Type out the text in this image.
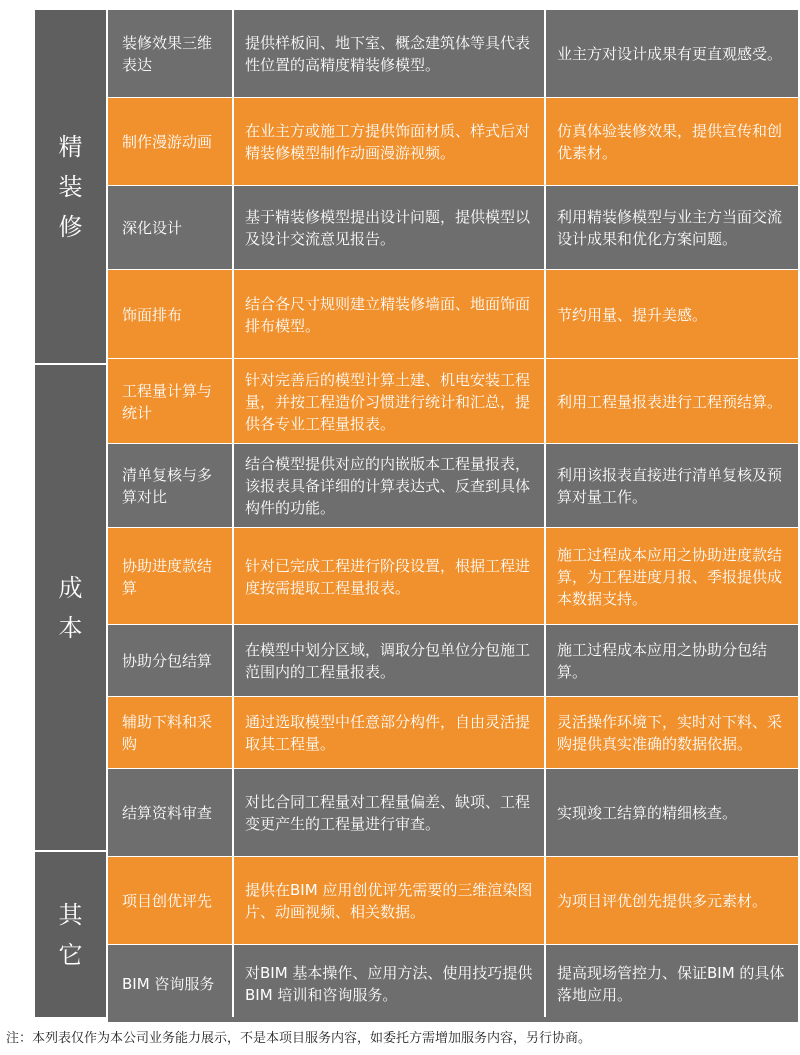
精装修
成本
其它
装修效果三维表达
提供样板间、地下室、概念建筑体等具代表性位置的高精度精装修模型。
业主方对设计成果有更直观感受。
制作漫游动画
在业主方或施工方提供饰面材质、样式后对精装修模型制作动画漫游视频。
仿真体验装修效果，提供宣传和创优素材。
深化设计
基于精装修模型提出设计问题，提供模型以及设计交流意见报告。
利用精装修模型与业主方当面交流设计成果和优化方案问题。
饰面排布
结合各尺寸规则建立精装修墙面、地面饰面排布模型。
节约用量、提升美感。
工程量计算与统计
针对完善后的模型计算土建、机电安装工程量，并按工程造价习惯进行统计和汇总，提供各专业工程量报表。
利用工程量报表进行工程预结算。
清单复核与多算对比
结合模型提供对应的内嵌版本工程量报表，该报表具备详细的计算表达式、反查到具体构件的功能。
利用该报表直接进行清单复核及预算对量工作。
协助进度款结算
针对已完成工程进行阶段设置，根据工程进度按需提取工程量报表。
施工过程成本应用之协助进度款结算，为工程进度月报、季报提供成本数据支持。
协助分包结算
在模型中划分区域，调取分包单位分包施工范围内的工程量报表。
施工过程成本应用之协助分包结算。
辅助下料和采购
通过选取模型中任意部分构件，自由灵活提取其工程量。
灵活操作环境下，实时对下料、采购提供真实准确的数据依据。
结算资料审查
对比合同工程量对工程量偏差、缺项、工程变更产生的工程量进行审查。
实现竣工结算的精细核查。
项目创优评先
提供在BIM 应用创优评先需要的三维渲染图片、动画视频、相关数据。
为项目评优创先提供多元素材。
BIM 咨询服务
对BIM 基本操作、应用方法、使用技巧提供BIM 培训和咨询服务。
提高现场管控力、保证BIM 的具体落地应用。
注：本列表仅作为本公司业务能力展示，不是本项目服务内容，如委托方需增加服务内容，另行协商。
